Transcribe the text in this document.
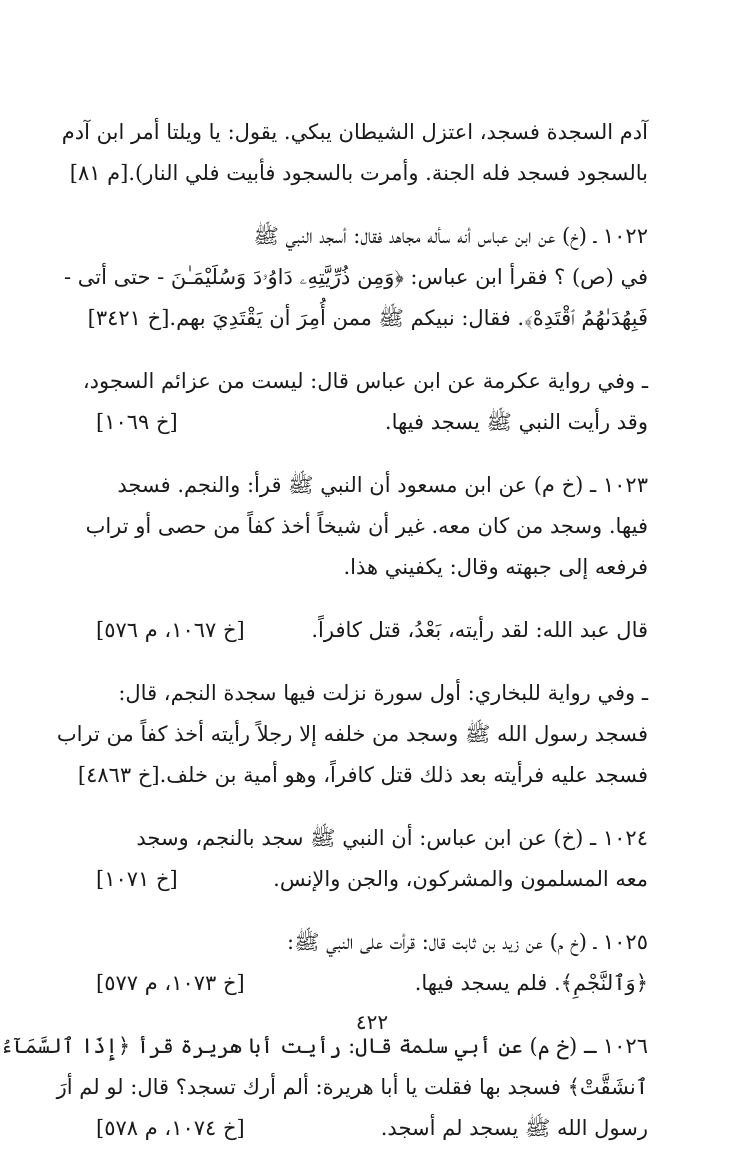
آدم السجدة فسجد، اعتزل الشيطان يبكي. يقول: يا ويلتا أمر ابن آدم
بالسجود فسجد فله الجنة. وأمرت بالسجود فأبيت فلي النار).
[م ٨١]
١٠٢٢ ـ (خ) عن ابن عباس أنه سأله مجاهد فقال: أسجد النبي ﷺ
في (ص) ؟ فقرأ ابن عباس: ﴿وَمِن ذُرِّيَّتِهِۦ دَاوُۥدَ وَسُلَيْمَـٰنَ - حتى أتى -
فَبِهُدَىٰهُمُ ٱقْتَدِهْ﴾. فقال: نبيكم ﷺ ممن أُمِرَ أن يَقْتَدِيَ بهم.
[خ ٣٤٢١]
ـ وفي رواية عكرمة عن ابن عباس قال: ليست من عزائم السجود،
وقد رأيت النبي ﷺ يسجد فيها.
[خ ١٠٦٩]
١٠٢٣ ـ (خ م) عن ابن مسعود أن النبي ﷺ قرأ: والنجم. فسجد
فيها. وسجد من كان معه. غير أن شيخاً أخذ كفاً من حصى أو تراب
فرفعه إلى جبهته وقال: يكفيني هذا.
قال عبد الله: لقد رأيته، بَعْدُ، قتل كافراً.
[خ ١٠٦٧، م ٥٧٦]
ـ وفي رواية للبخاري: أول سورة نزلت فيها سجدة النجم، قال:
فسجد رسول الله ﷺ وسجد من خلفه إلا رجلاً رأيته أخذ كفاً من تراب
فسجد عليه فرأيته بعد ذلك قتل كافراً، وهو أمية بن خلف.
[خ ٤٨٦٣]
١٠٢٤ ـ (خ) عن ابن عباس: أن النبي ﷺ سجد بالنجم، وسجد
معه المسلمون والمشركون، والجن والإنس.
[خ ١٠٧١]
١٠٢٥ ـ (خ م) عن زيد بن ثابت قال: قرأت على النبي ﷺ:
﴿وَٱلنَّجْمِ﴾. فلم يسجد فيها.
[خ ١٠٧٣، م ٥٧٧]
١٠٢٦ ـ (خ م) عن أبي سلمة قال: رأيت أبا هريرة قرأ ﴿إِذَا ٱلسَّمَآءُ
ٱنشَقَّتْ﴾ فسجد بها فقلت يا أبا هريرة: ألم أرك تسجد؟ قال: لو لم أرَ
رسول الله ﷺ يسجد لم أسجد.
[خ ١٠٧٤، م ٥٧٨]
٤٢٢
